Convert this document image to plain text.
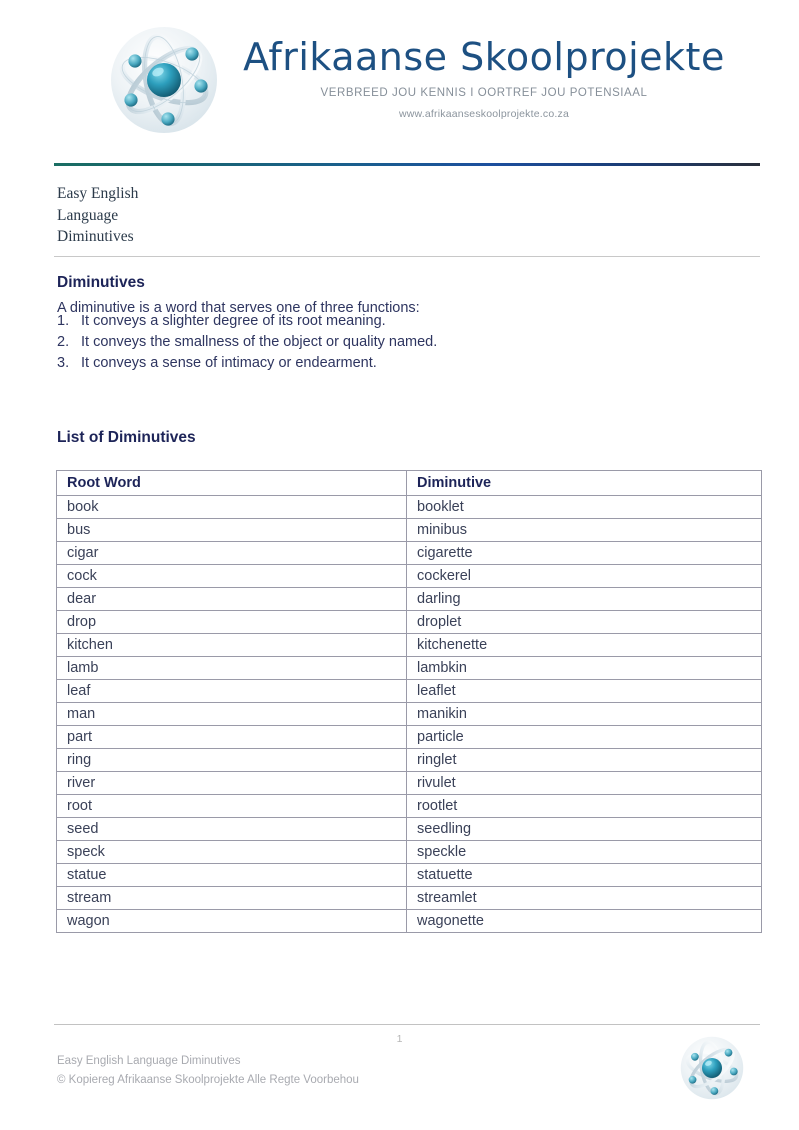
Afrikaanse Skoolprojekte
VERBREED JOU KENNIS I OORTREF JOU POTENSIAAL
www.afrikaanseskoolprojekte.co.za
Easy English
Language
Diminutives
Diminutives
A diminutive is a word that serves one of three functions:
1. It conveys a slighter degree of its root meaning.
2. It conveys the smallness of the object or quality named.
3. It conveys a sense of intimacy or endearment.
List of Diminutives
Root Word	Diminutive
book	booklet
bus	minibus
cigar	cigarette
cock	cockerel
dear	darling
drop	droplet
kitchen	kitchenette
lamb	lambkin
leaf	leaflet
man	manikin
part	particle
ring	ringlet
river	rivulet
root	rootlet
seed	seedling
speck	speckle
statue	statuette
stream	streamlet
wagon	wagonette
1
Easy English Language Diminutives
© Kopiereg Afrikaanse Skoolprojekte Alle Regte Voorbehou
